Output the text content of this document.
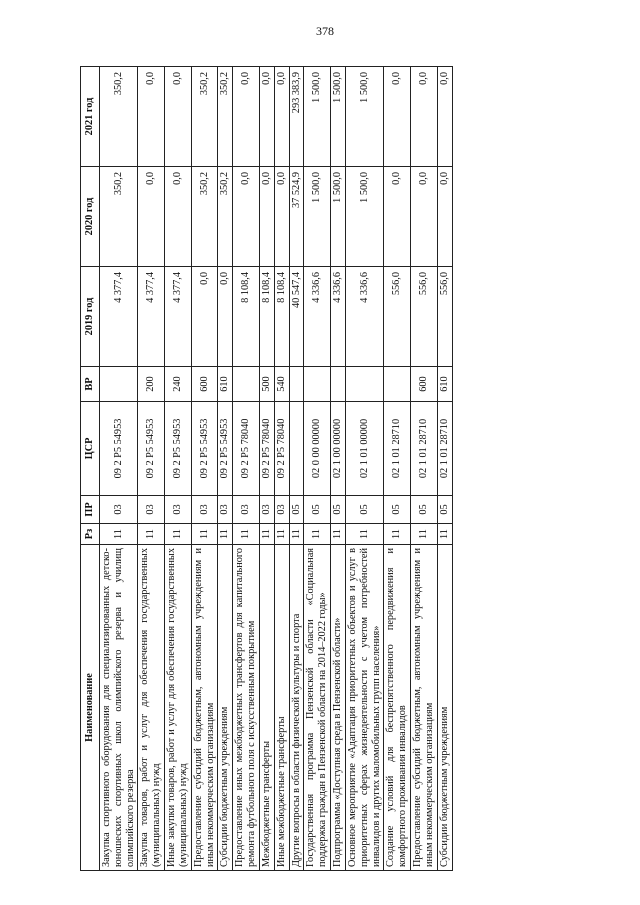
378
Наименование	Рз	ПР	ЦСР	ВР	2019 год	2020 год	2021 год
Закупка спортивного оборудования для специализированных детско-юношеских спортивных школ олимпийского резерва и училищ олимпийского резерва	11	03	09 2 P5 54953		4 377,4	350,2	350,2
Закупка товаров, работ и услуг для обеспечения государственных (муниципальных) нужд	11	03	09 2 P5 54953	200	4 377,4	0,0	0,0
Иные закупки товаров, работ и услуг для обеспечения государственных (муниципальных) нужд	11	03	09 2 P5 54953	240	4 377,4	0,0	0,0
Предоставление субсидий бюджетным, автономным учреждениям и иным некоммерческим организациям	11	03	09 2 P5 54953	600	0,0	350,2	350,2
Субсидии бюджетным учреждениям	11	03	09 2 P5 54953	610	0,0	350,2	350,2
Предоставление иных межбюджетных трансфертов для капитального ремонта футбольного поля с искусственным покрытием	11	03	09 2 P5 78040		8 108,4	0,0	0,0
Межбюджетные трансферты	11	03	09 2 P5 78040	500	8 108,4	0,0	0,0
Иные межбюджетные трансферты	11	03	09 2 P5 78040	540	8 108,4	0,0	0,0
Другие вопросы в области физической культуры и спорта	11	05			40 547,4	37 524,9	293 383,9
Государственная программа Пензенской области «Социальная поддержка граждан в Пензенской области на 2014–2022 годы»	11	05	02 0 00 00000		4 336,6	1 500,0	1 500,0
Подпрограмма «Доступная среда в Пензенской области»	11	05	02 1 00 00000		4 336,6	1 500,0	1 500,0
Основное мероприятие «Адаптация приоритетных объектов и услуг в приоритетных сферах жизнедеятельности с учетом потребностей инвалидов и других маломобильных групп населения»	11	05	02 1 01 00000		4 336,6	1 500,0	1 500,0
Создание условий для беспрепятственного передвижения и комфортного проживания инвалидов	11	05	02 1 01 28710		556,0	0,0	0,0
Предоставление субсидий бюджетным, автономным учреждениям и иным некоммерческим организациям	11	05	02 1 01 28710	600	556,0	0,0	0,0
Субсидии бюджетным учреждениям	11	05	02 1 01 28710	610	556,0	0,0	0,0
